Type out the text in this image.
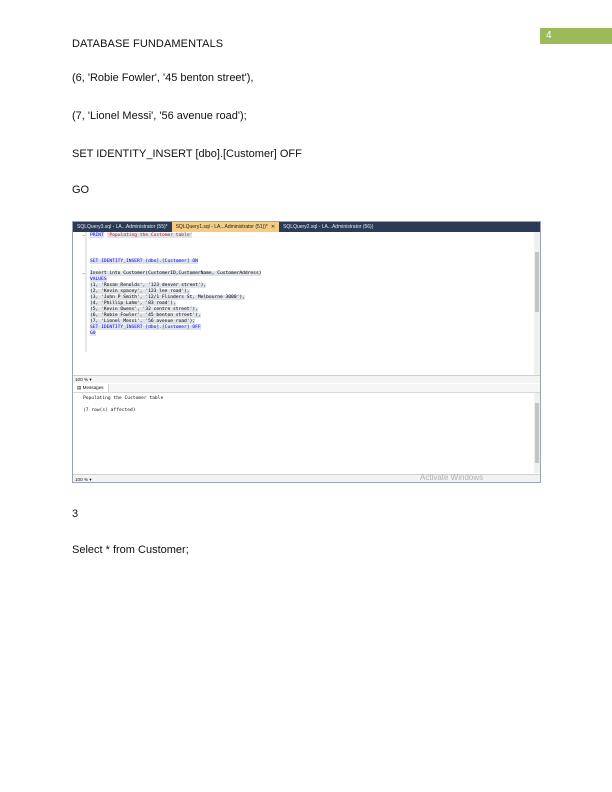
4
DATABASE FUNDAMENTALS
(6, 'Robie Fowler', '45 benton street'),
(7, 'Lionel Messi', '56 avenue road');
SET IDENTITY_INSERT [dbo].[Customer] OFF
GO
SQLQuery3.sql - LA...Administrator (55)*	SQLQuery1.sql - LA...Administrator (51))* ✕	SQLQuery2.sql - LA...Administrator (56))
− PRINT 'Populating the Customer table'
SET IDENTITY_INSERT [dbo].[Customer] ON
− Insert into Customer(CustomerID,CustomerName, CustomerAddress)
VALUES
(1, 'Rosan Renolds', '123 denver street'),
(2, 'Kevin spacey', '123 lee road'),
(3, 'John P Smith', '12/1 Flinders St, Melbourne 3000'),
(4, 'Phillip Lahm', '83 road'),
(5, 'Kevin Owens', '32 centre street'),
(6, 'Robie Fowler', '45 benton street'),
(7, 'Lionel Messi', '56 avenue road');
SET IDENTITY_INSERT [dbo].[Customer] OFF
GO
100 % ▾
▤ Messages
Populating the Customer table
(7 row(s) affected)
100 % ▾	Activate Windows
3
Select * from Customer;
